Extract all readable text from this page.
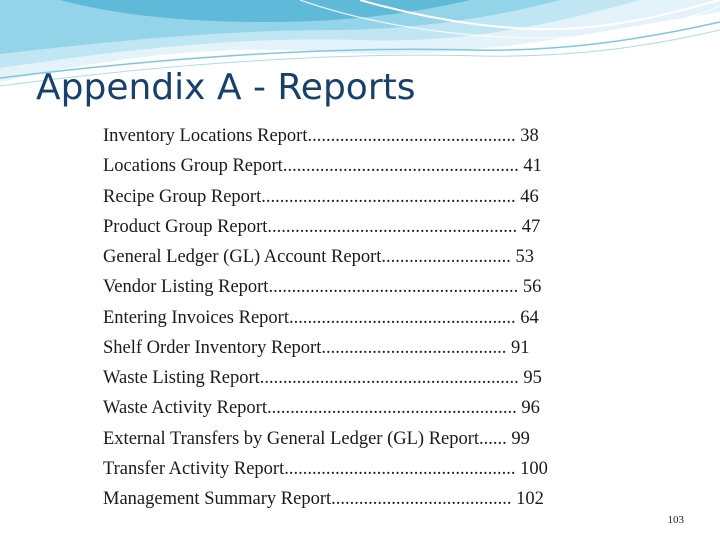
Appendix A - Reports
Inventory Locations Report............................................. 38
Locations Group Report................................................... 41
Recipe Group Report....................................................... 46
Product Group Report...................................................... 47
General Ledger (GL) Account Report............................ 53
Vendor Listing Report...................................................... 56
Entering Invoices Report................................................. 64
Shelf Order Inventory Report........................................ 91
Waste Listing Report........................................................ 95
Waste Activity Report...................................................... 96
External Transfers by General Ledger (GL) Report...... 99
Transfer Activity Report.................................................. 100
Management Summary Report....................................... 102
103
